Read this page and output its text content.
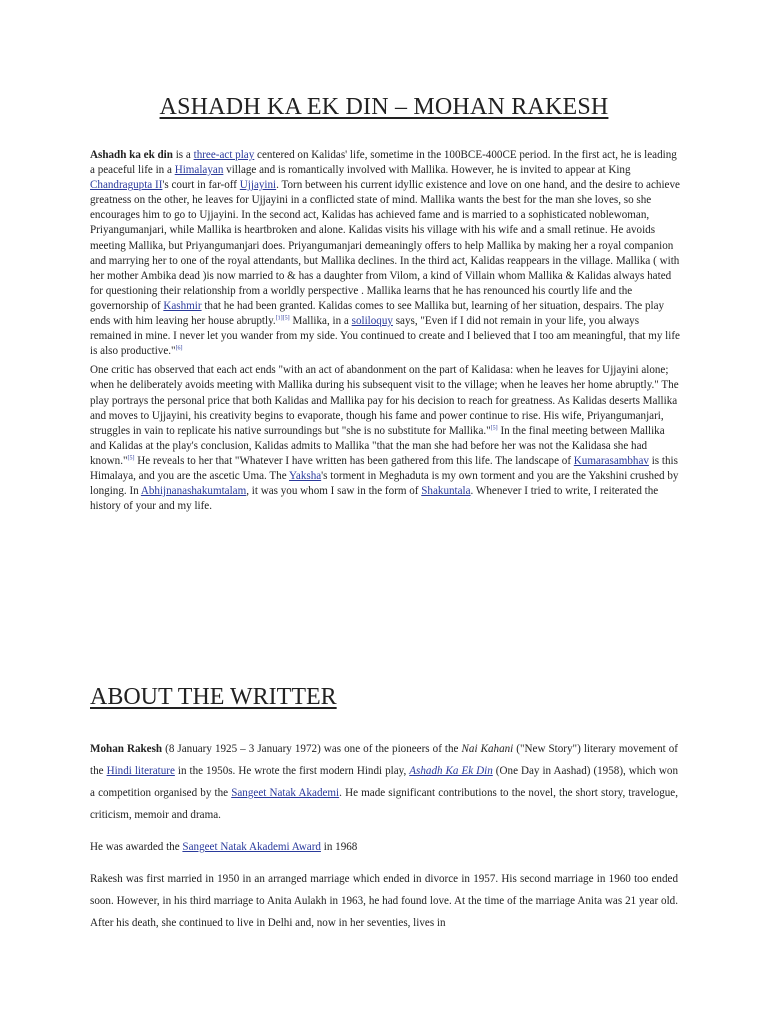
ASHADH KA EK DIN – MOHAN RAKESH

Ashadh ka ek din is a three-act play centered on Kalidas' life, sometime in the 100BCE-400CE period. In the first act, he is leading a peaceful life in a Himalayan village and is romantically involved with Mallika. However, he is invited to appear at King Chandragupta II's court in far-off Ujjayini. Torn between his current idyllic existence and love on one hand, and the desire to achieve greatness on the other, he leaves for Ujjayini in a conflicted state of mind. Mallika wants the best for the man she loves, so she encourages him to go to Ujjayini. In the second act, Kalidas has achieved fame and is married to a sophisticated noblewoman, Priyangumanjari, while Mallika is heartbroken and alone. Kalidas visits his village with his wife and a small retinue. He avoids meeting Mallika, but Priyangumanjari does. Priyangumanjari demeaningly offers to help Mallika by making her a royal companion and marrying her to one of the royal attendants, but Mallika declines. In the third act, Kalidas reappears in the village. Mallika ( with her mother Ambika dead )is now married to & has a daughter from Vilom, a kind of Villain whom Mallika & Kalidas always hated for questioning their relationship from a worldly perspective . Mallika learns that he has renounced his courtly life and the governorship of Kashmir that he had been granted. Kalidas comes to see Mallika but, learning of her situation, despairs. The play ends with him leaving her house abruptly.[1][5] Mallika, in a soliloquy says, "Even if I did not remain in your life, you always remained in mine. I never let you wander from my side. You continued to create and I believed that I too am meaningful, that my life is also productive."[6]

One critic has observed that each act ends "with an act of abandonment on the part of Kalidasa: when he leaves for Ujjayini alone; when he deliberately avoids meeting with Mallika during his subsequent visit to the village; when he leaves her home abruptly." The play portrays the personal price that both Kalidas and Mallika pay for his decision to reach for greatness. As Kalidas deserts Mallika and moves to Ujjayini, his creativity begins to evaporate, though his fame and power continue to rise. His wife, Priyangumanjari, struggles in vain to replicate his native surroundings but "she is no substitute for Mallika."[5] In the final meeting between Mallika and Kalidas at the play's conclusion, Kalidas admits to Mallika "that the man she had before her was not the Kalidasa she had known."[5] He reveals to her that "Whatever I have written has been gathered from this life. The landscape of Kumarasambhav is this Himalaya, and you are the ascetic Uma. The Yaksha's torment in Meghaduta is my own torment and you are the Yakshini crushed by longing. In Abhijnanashakumtalam, it was you whom I saw in the form of Shakuntala. Whenever I tried to write, I reiterated the history of your and my life.

ABOUT THE WRITTER

Mohan Rakesh (8 January 1925 – 3 January 1972) was one of the pioneers of the Nai Kahani ("New Story") literary movement of the Hindi literature in the 1950s. He wrote the first modern Hindi play, Ashadh Ka Ek Din (One Day in Aashad) (1958), which won a competition organised by the Sangeet Natak Akademi. He made significant contributions to the novel, the short story, travelogue, criticism, memoir and drama.

He was awarded the Sangeet Natak Akademi Award in 1968

Rakesh was first married in 1950 in an arranged marriage which ended in divorce in 1957. His second marriage in 1960 too ended soon. However, in his third marriage to Anita Aulakh in 1963, he had found love. At the time of the marriage Anita was 21 year old. After his death, she continued to live in Delhi and, now in her seventies, lives in
